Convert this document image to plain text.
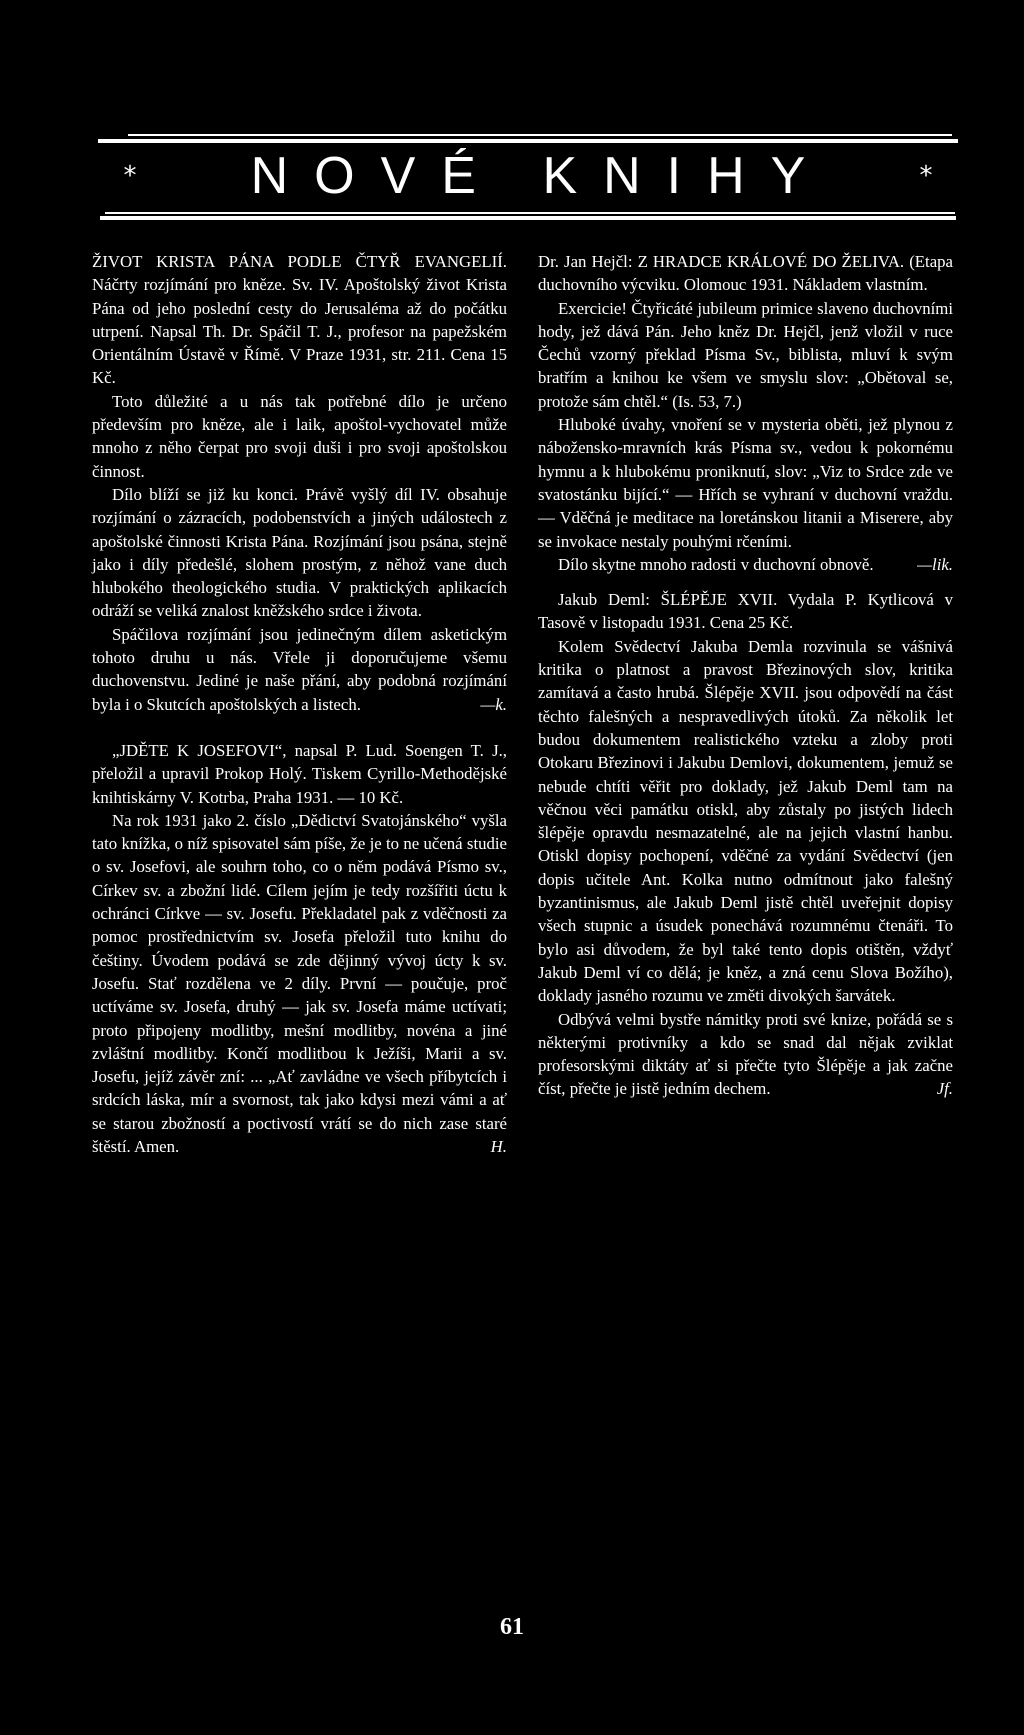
*	NOVÉ KNIHY	*

ŽIVOT KRISTA PÁNA PODLE ČTYŘ EVANGELIÍ. Náčrty rozjímání pro kněze. Sv. IV. Apoštolský život Krista Pána od jeho poslední cesty do Jerusaléma až do počátku utrpení. Napsal Th. Dr. Spáčil T. J., profesor na papežském Orientálním Ústavě v Římě. V Praze 1931, str. 211. Cena 15 Kč.

Toto důležité a u nás tak potřebné dílo je určeno především pro kněze, ale i laik, apoštol-vychovatel může mnoho z něho čerpat pro svoji duši i pro svoji apoštolskou činnost.

Dílo blíží se již ku konci. Právě vyšlý díl IV. obsahuje rozjímání o zázracích, podobenstvích a jiných událostech z apoštolské činnosti Krista Pána. Rozjímání jsou psána, stejně jako i díly předešlé, slohem prostým, z něhož vane duch hlubokého theologického studia. V praktických aplikacích odráží se veliká znalost kněžského srdce i života.

Spáčilova rozjímání jsou jedinečným dílem asketickým tohoto druhu u nás. Vřele ji doporučujeme všemu duchovenstvu. Jediné je naše přání, aby podobná rozjímání byla i o Skutcích apoštolských a listech.	—k.

„JDĚTE K JOSEFOVI“, napsal P. Lud. Soengen T. J., přeložil a upravil Prokop Holý. Tiskem Cyrillo-Methodějské knihtiskárny V. Kotrba, Praha 1931. — 10 Kč.

Na rok 1931 jako 2. číslo „Dědictví Svatojánského“ vyšla tato knížka, o níž spisovatel sám píše, že je to ne učená studie o sv. Josefovi, ale souhrn toho, co o něm podává Písmo sv., Církev sv. a zbožní lidé. Cílem jejím je tedy rozšířiti úctu k ochránci Církve — sv. Josefu. Překladatel pak z vděčnosti za pomoc prostřednictvím sv. Josefa přeložil tuto knihu do češtiny. Úvodem podává se zde dějinný vývoj úcty k sv. Josefu. Stať rozdělena ve 2 díly. První — poučuje, proč uctíváme sv. Josefa, druhý — jak sv. Josefa máme uctívati; proto připojeny modlitby, mešní modlitby, novéna a jiné zvláštní modlitby. Končí modlitbou k Ježíši, Marii a sv. Josefu, jejíž závěr zní: ... „Ať zavládne ve všech příbytcích i srdcích láska, mír a svornost, tak jako kdysi mezi vámi a ať se starou zbožností a poctivostí vrátí se do nich zase staré štěstí. Amen.	H.

Dr. Jan Hejčl: Z HRADCE KRÁLOVÉ DO ŽELIVA. (Etapa duchovního výcviku. Olomouc 1931. Nákladem vlastním.

Exercicie! Čtyřicáté jubileum primice slaveno duchovními hody, jež dává Pán. Jeho kněz Dr. Hejčl, jenž vložil v ruce Čechů vzorný překlad Písma Sv., biblista, mluví k svým bratřím a knihou ke všem ve smyslu slov: „Obětoval se, protože sám chtěl.“ (Is. 53, 7.)

Hluboké úvahy, vnoření se v mysteria oběti, jež plynou z nábožensko-mravních krás Písma sv., vedou k pokornému hymnu a k hlubokému proniknutí, slov: „Viz to Srdce zde ve svatostánku bijící.“ — Hřích se vyhraní v duchovní vraždu. — Vděčná je meditace na loretánskou litanii a Miserere, aby se invokace nestaly pouhými rčeními.

Dílo skytne mnoho radosti v duchovní obnově.	—lik.

Jakub Deml: ŠLÉPĚJE XVII. Vydala P. Kytlicová v Tasově v listopadu 1931. Cena 25 Kč.

Kolem Svědectví Jakuba Demla rozvinula se vášnivá kritika o platnost a pravost Březinových slov, kritika zamítavá a často hrubá. Šlépěje XVII. jsou odpovědí na část těchto falešných a nespravedlivých útoků. Za několik let budou dokumentem realistického vzteku a zloby proti Otokaru Březinovi i Jakubu Demlovi, dokumentem, jemuž se nebude chtíti věřit pro doklady, jež Jakub Deml tam na věčnou věci památku otiskl, aby zůstaly po jistých lidech šlépěje opravdu nesmazatelné, ale na jejich vlastní hanbu. Otiskl dopisy pochopení, vděčné za vydání Svědectví (jen dopis učitele Ant. Kolka nutno odmítnout jako falešný byzantinismus, ale Jakub Deml jistě chtěl uveřejnit dopisy všech stupnic a úsudek ponechává rozumnému čtenáři. To bylo asi důvodem, že byl také tento dopis otištěn, vždyť Jakub Deml ví co dělá; je kněz, a zná cenu Slova Božího), doklady jasného rozumu ve změti divokých šarvátek.

Odbývá velmi bystře námitky proti své knize, pořádá se s některými protivníky a kdo se snad dal nějak zviklat profesorskými diktáty ať si přečte tyto Šlépěje a jak začne číst, přečte je jistě jedním dechem.	Jf.

61
